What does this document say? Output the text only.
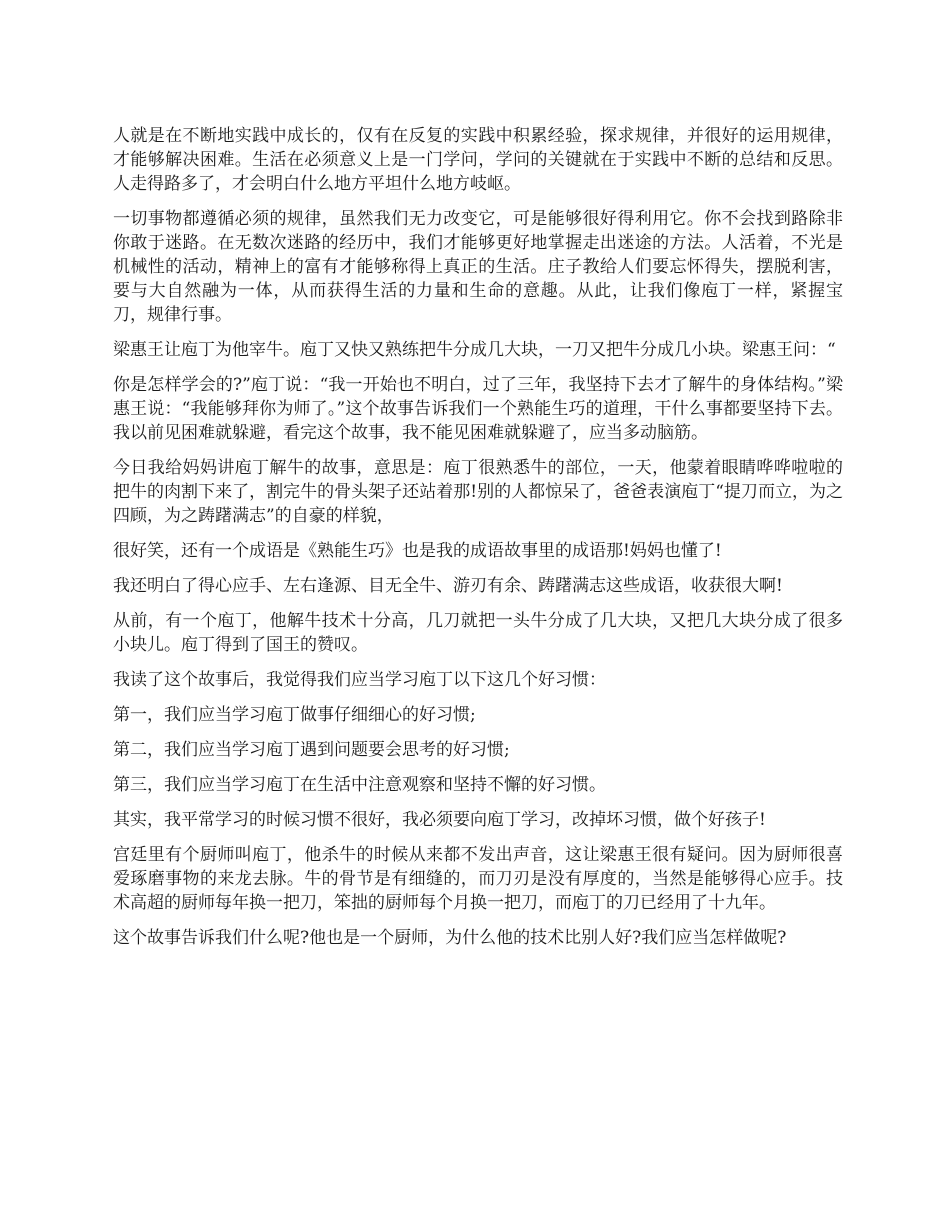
人就是在不断地实践中成长的，仅有在反复的实践中积累经验，探求规律，并很好的运用规律，才能够解决困难。生活在必须意义上是一门学问，学问的关键就在于实践中不断的总结和反思。人走得路多了，才会明白什么地方平坦什么地方岐岖。

一切事物都遵循必须的规律，虽然我们无力改变它，可是能够很好得利用它。你不会找到路除非你敢于迷路。在无数次迷路的经历中，我们才能够更好地掌握走出迷途的方法。人活着，不光是机械性的活动，精神上的富有才能够称得上真正的生活。庄子教给人们要忘怀得失，摆脱利害，要与大自然融为一体，从而获得生活的力量和生命的意趣。从此，让我们像庖丁一样，紧握宝刀，规律行事。

梁惠王让庖丁为他宰牛。庖丁又快又熟练把牛分成几大块，一刀又把牛分成几小块。梁惠王问：“

你是怎样学会的?”庖丁说：“我一开始也不明白，过了三年，我坚持下去才了解牛的身体结构。”梁惠王说：“我能够拜你为师了。”这个故事告诉我们一个熟能生巧的道理，干什么事都要坚持下去。我以前见困难就躲避，看完这个故事，我不能见困难就躲避了，应当多动脑筋。

今日我给妈妈讲庖丁解牛的故事，意思是：庖丁很熟悉牛的部位，一天，他蒙着眼睛哗哗啦啦的把牛的肉割下来了，割完牛的骨头架子还站着那!别的人都惊呆了，爸爸表演庖丁“提刀而立，为之四顾，为之踌躇满志”的自豪的样貌，

很好笑，还有一个成语是《熟能生巧》也是我的成语故事里的成语那!妈妈也懂了!

我还明白了得心应手、左右逢源、目无全牛、游刃有余、踌躇满志这些成语，收获很大啊!

从前，有一个庖丁，他解牛技术十分高，几刀就把一头牛分成了几大块，又把几大块分成了很多小块儿。庖丁得到了国王的赞叹。

我读了这个故事后，我觉得我们应当学习庖丁以下这几个好习惯：

第一，我们应当学习庖丁做事仔细细心的好习惯;

第二，我们应当学习庖丁遇到问题要会思考的好习惯;

第三，我们应当学习庖丁在生活中注意观察和坚持不懈的好习惯。

其实，我平常学习的时候习惯不很好，我必须要向庖丁学习，改掉坏习惯，做个好孩子!

宫廷里有个厨师叫庖丁，他杀牛的时候从来都不发出声音，这让梁惠王很有疑问。因为厨师很喜爱琢磨事物的来龙去脉。牛的骨节是有细缝的，而刀刃是没有厚度的，当然是能够得心应手。技术高超的厨师每年换一把刀，笨拙的厨师每个月换一把刀，而庖丁的刀已经用了十九年。

这个故事告诉我们什么呢?他也是一个厨师，为什么他的技术比别人好?我们应当怎样做呢?
